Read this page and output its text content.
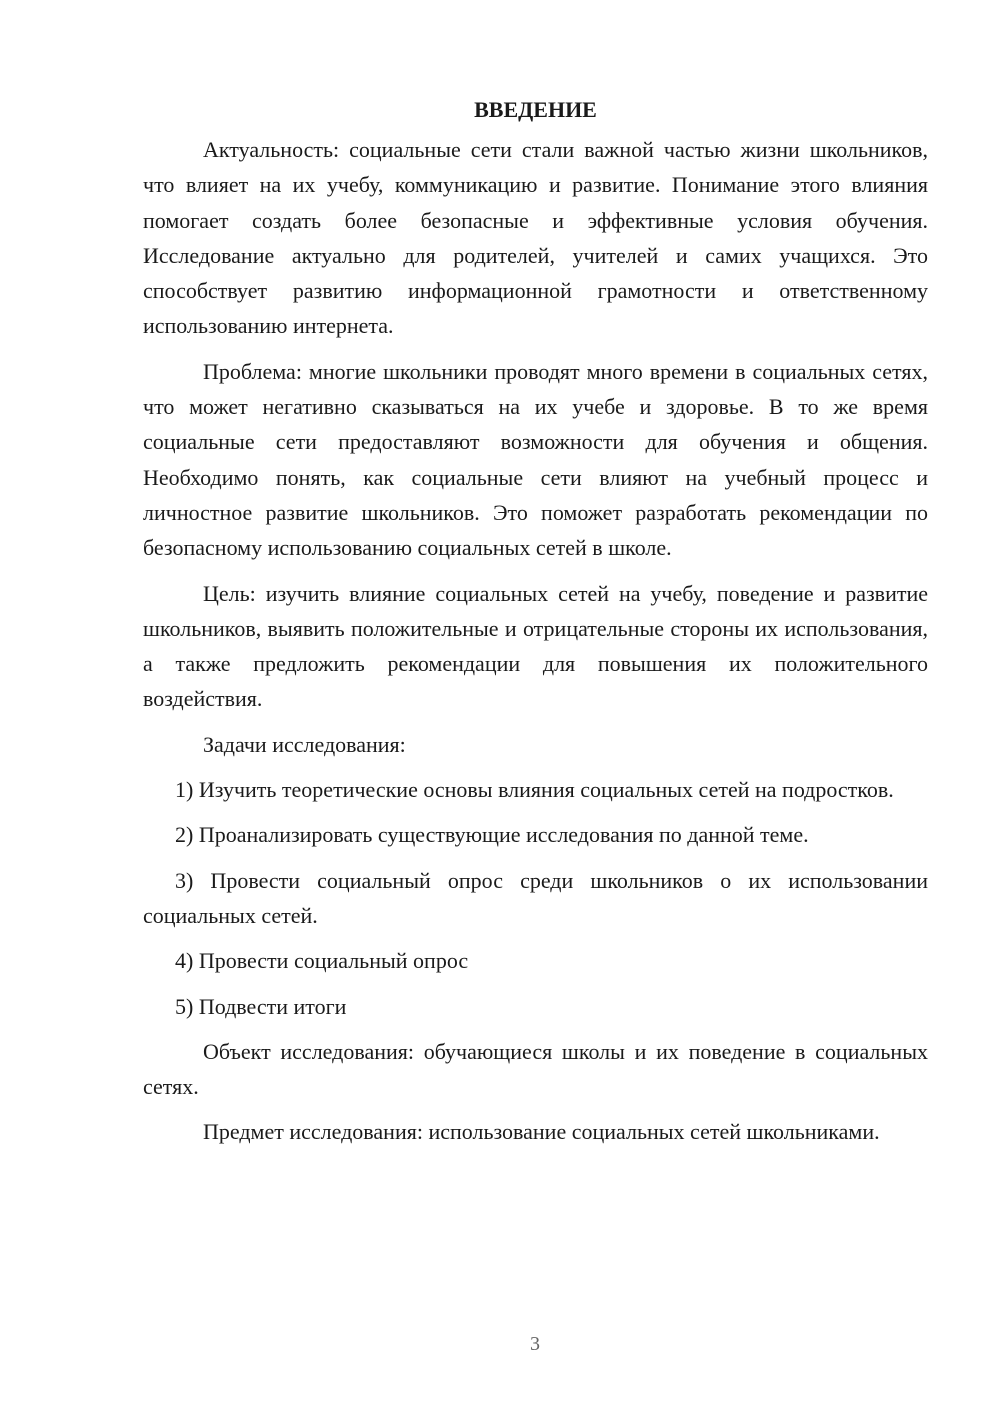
ВВЕДЕНИЕ

Актуальность: социальные сети стали важной частью жизни школьников, что влияет на их учебу, коммуникацию и развитие. Понимание этого влияния помогает создать более безопасные и эффективные условия обучения. Исследование актуально для родителей, учителей и самих учащихся. Это способствует развитию информационной грамотности и ответственному использованию интернета.

Проблема: многие школьники проводят много времени в социальных сетях, что может негативно сказываться на их учебе и здоровье. В то же время социальные сети предоставляют возможности для обучения и общения. Необходимо понять, как социальные сети влияют на учебный процесс и личностное развитие школьников. Это поможет разработать рекомендации по безопасному использованию социальных сетей в школе.

Цель: изучить влияние социальных сетей на учебу, поведение и развитие школьников, выявить положительные и отрицательные стороны их использования, а также предложить рекомендации для повышения их положительного воздействия.

Задачи исследования:

1) Изучить теоретические основы влияния социальных сетей на подростков.

2) Проанализировать существующие исследования по данной теме.

3) Провести социальный опрос среди школьников о их использовании социальных сетей.

4) Провести социальный опрос

5) Подвести итоги

Объект исследования: обучающиеся школы и их поведение в социальных сетях.

Предмет исследования: использование социальных сетей школьниками.

3
